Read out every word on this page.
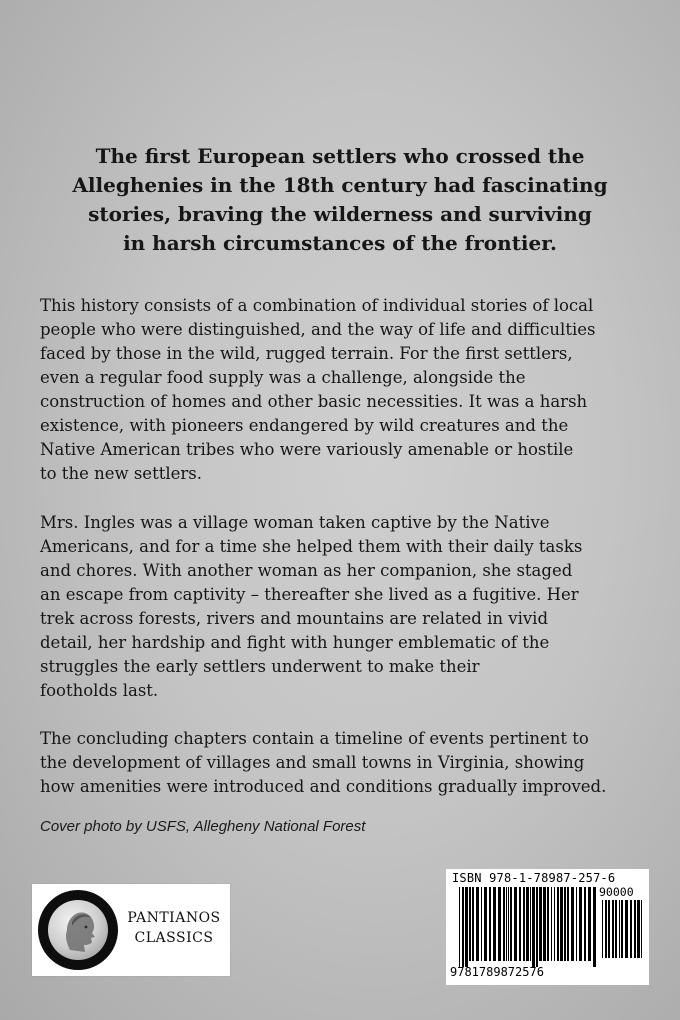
The first European settlers who crossed the
Alleghenies in the 18th century had fascinating
stories, braving the wilderness and surviving
in harsh circumstances of the frontier.

This history consists of a combination of individual stories of local
people who were distinguished, and the way of life and difficulties
faced by those in the wild, rugged terrain. For the first settlers,
even a regular food supply was a challenge, alongside the
construction of homes and other basic necessities. It was a harsh
existence, with pioneers endangered by wild creatures and the
Native American tribes who were variously amenable or hostile
to the new settlers.

Mrs. Ingles was a village woman taken captive by the Native
Americans, and for a time she helped them with their daily tasks
and chores. With another woman as her companion, she staged
an escape from captivity – thereafter she lived as a fugitive. Her
trek across forests, rivers and mountains are related in vivid
detail, her hardship and fight with hunger emblematic of the
struggles the early settlers underwent to make their
footholds last.

The concluding chapters contain a timeline of events pertinent to
the development of villages and small towns in Virginia, showing
how amenities were introduced and conditions gradually improved.

Cover photo by USFS, Allegheny National Forest

PANTIANOS

CLASSICS

ISBN 978-1-78987-257-6

90000

9781789872576
